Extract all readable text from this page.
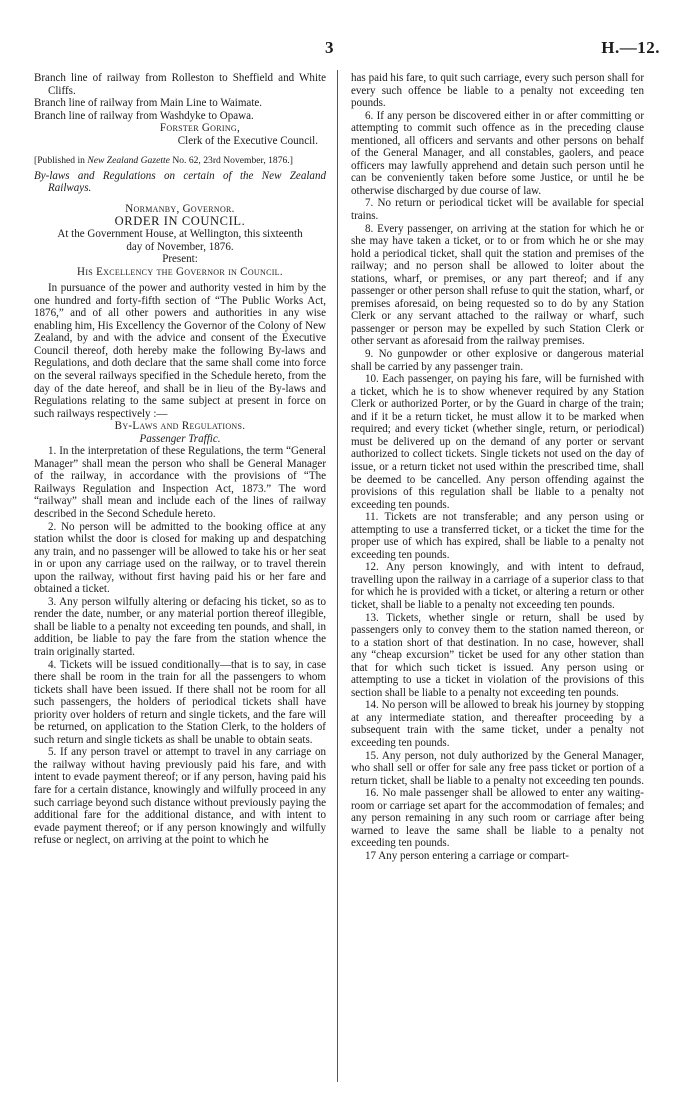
3	H.—12.

Branch line of railway from Rolleston to Sheffield and White Cliffs.

Branch line of railway from Main Line to Waimate.

Branch line of railway from Washdyke to Opawa.

Forster Goring,

Clerk of the Executive Council.

[Published in New Zealand Gazette No. 62, 23rd November, 1876.]

By-laws and Regulations on certain of the New Zealand Railways.

Normanby, Governor.

ORDER IN COUNCIL.

At the Government House, at Wellington, this sixteenth day of November, 1876.

Present:

His Excellency the Governor in Council.

In pursuance of the power and authority vested in him by the one hundred and forty-fifth section of “The Public Works Act, 1876,” and of all other powers and authorities in any wise enabling him, His Excellency the Governor of the Colony of New Zealand, by and with the advice and consent of the Executive Council thereof, doth hereby make the following By-laws and Regulations, and doth declare that the same shall come into force on the several railways specified in the Schedule hereto, from the day of the date hereof, and shall be in lieu of the By-laws and Regulations relating to the same subject at present in force on such railways respectively :—

By-Laws and Regulations.

Passenger Traffic.

1. In the interpretation of these Regulations, the term “General Manager” shall mean the person who shall be General Manager of the railway, in accordance with the provisions of “The Railways Regulation and Inspection Act, 1873.” The word “railway” shall mean and include each of the lines of railway described in the Second Schedule hereto.

2. No person will be admitted to the booking office at any station whilst the door is closed for making up and despatching any train, and no passenger will be allowed to take his or her seat in or upon any carriage used on the railway, or to travel therein upon the railway, without first having paid his or her fare and obtained a ticket.

3. Any person wilfully altering or defacing his ticket, so as to render the date, number, or any material portion thereof illegible, shall be liable to a penalty not exceeding ten pounds, and shall, in addition, be liable to pay the fare from the station whence the train originally started.

4. Tickets will be issued conditionally—that is to say, in case there shall be room in the train for all the passengers to whom tickets shall have been issued. If there shall not be room for all such passengers, the holders of periodical tickets shall have priority over holders of return and single tickets, and the fare will be returned, on application to the Station Clerk, to the holders of such return and single tickets as shall be unable to obtain seats.

5. If any person travel or attempt to travel in any carriage on the railway without having previously paid his fare, and with intent to evade payment thereof; or if any person, having paid his fare for a certain distance, knowingly and wilfully proceed in any such carriage beyond such distance without previously paying the additional fare for the additional distance, and with intent to evade payment thereof; or if any person knowingly and wilfully refuse or neglect, on arriving at the point to which he

has paid his fare, to quit such carriage, every such person shall for every such offence be liable to a penalty not exceeding ten pounds.

6. If any person be discovered either in or after committing or attempting to commit such offence as in the preceding clause mentioned, all officers and servants and other persons on behalf of the General Manager, and all constables, gaolers, and peace officers may lawfully apprehend and detain such person until he can be conveniently taken before some Justice, or until he be otherwise discharged by due course of law.

7. No return or periodical ticket will be available for special trains.

8. Every passenger, on arriving at the station for which he or she may have taken a ticket, or to or from which he or she may hold a periodical ticket, shall quit the station and premises of the railway; and no person shall be allowed to loiter about the stations, wharf, or premises, or any part thereof; and if any passenger or other person shall refuse to quit the station, wharf, or premises aforesaid, on being requested so to do by any Station Clerk or any servant attached to the railway or wharf, such passenger or person may be expelled by such Station Clerk or other servant as aforesaid from the railway premises.

9. No gunpowder or other explosive or dangerous material shall be carried by any passenger train.

10. Each passenger, on paying his fare, will be furnished with a ticket, which he is to show whenever required by any Station Clerk or authorized Porter, or by the Guard in charge of the train; and if it be a return ticket, he must allow it to be marked when required; and every ticket (whether single, return, or periodical) must be delivered up on the demand of any porter or servant authorized to collect tickets. Single tickets not used on the day of issue, or a return ticket not used within the prescribed time, shall be deemed to be cancelled. Any person offending against the provisions of this regulation shall be liable to a penalty not exceeding ten pounds.

11. Tickets are not transferable; and any person using or attempting to use a transferred ticket, or a ticket the time for the proper use of which has expired, shall be liable to a penalty not exceeding ten pounds.

12. Any person knowingly, and with intent to defraud, travelling upon the railway in a carriage of a superior class to that for which he is provided with a ticket, or altering a return or other ticket, shall be liable to a penalty not exceeding ten pounds.

13. Tickets, whether single or return, shall be used by passengers only to convey them to the station named thereon, or to a station short of that destination. In no case, however, shall any “cheap excursion” ticket be used for any other station than that for which such ticket is issued. Any person using or attempting to use a ticket in violation of the provisions of this section shall be liable to a penalty not exceeding ten pounds.

14. No person will be allowed to break his journey by stopping at any intermediate station, and thereafter proceeding by a subsequent train with the same ticket, under a penalty not exceeding ten pounds.

15. Any person, not duly authorized by the General Manager, who shall sell or offer for sale any free pass ticket or portion of a return ticket, shall be liable to a penalty not exceeding ten pounds.

16. No male passenger shall be allowed to enter any waiting-room or carriage set apart for the accommodation of females; and any person remaining in any such room or carriage after being warned to leave the same shall be liable to a penalty not exceeding ten pounds.

17 Any person entering a carriage or compart-
